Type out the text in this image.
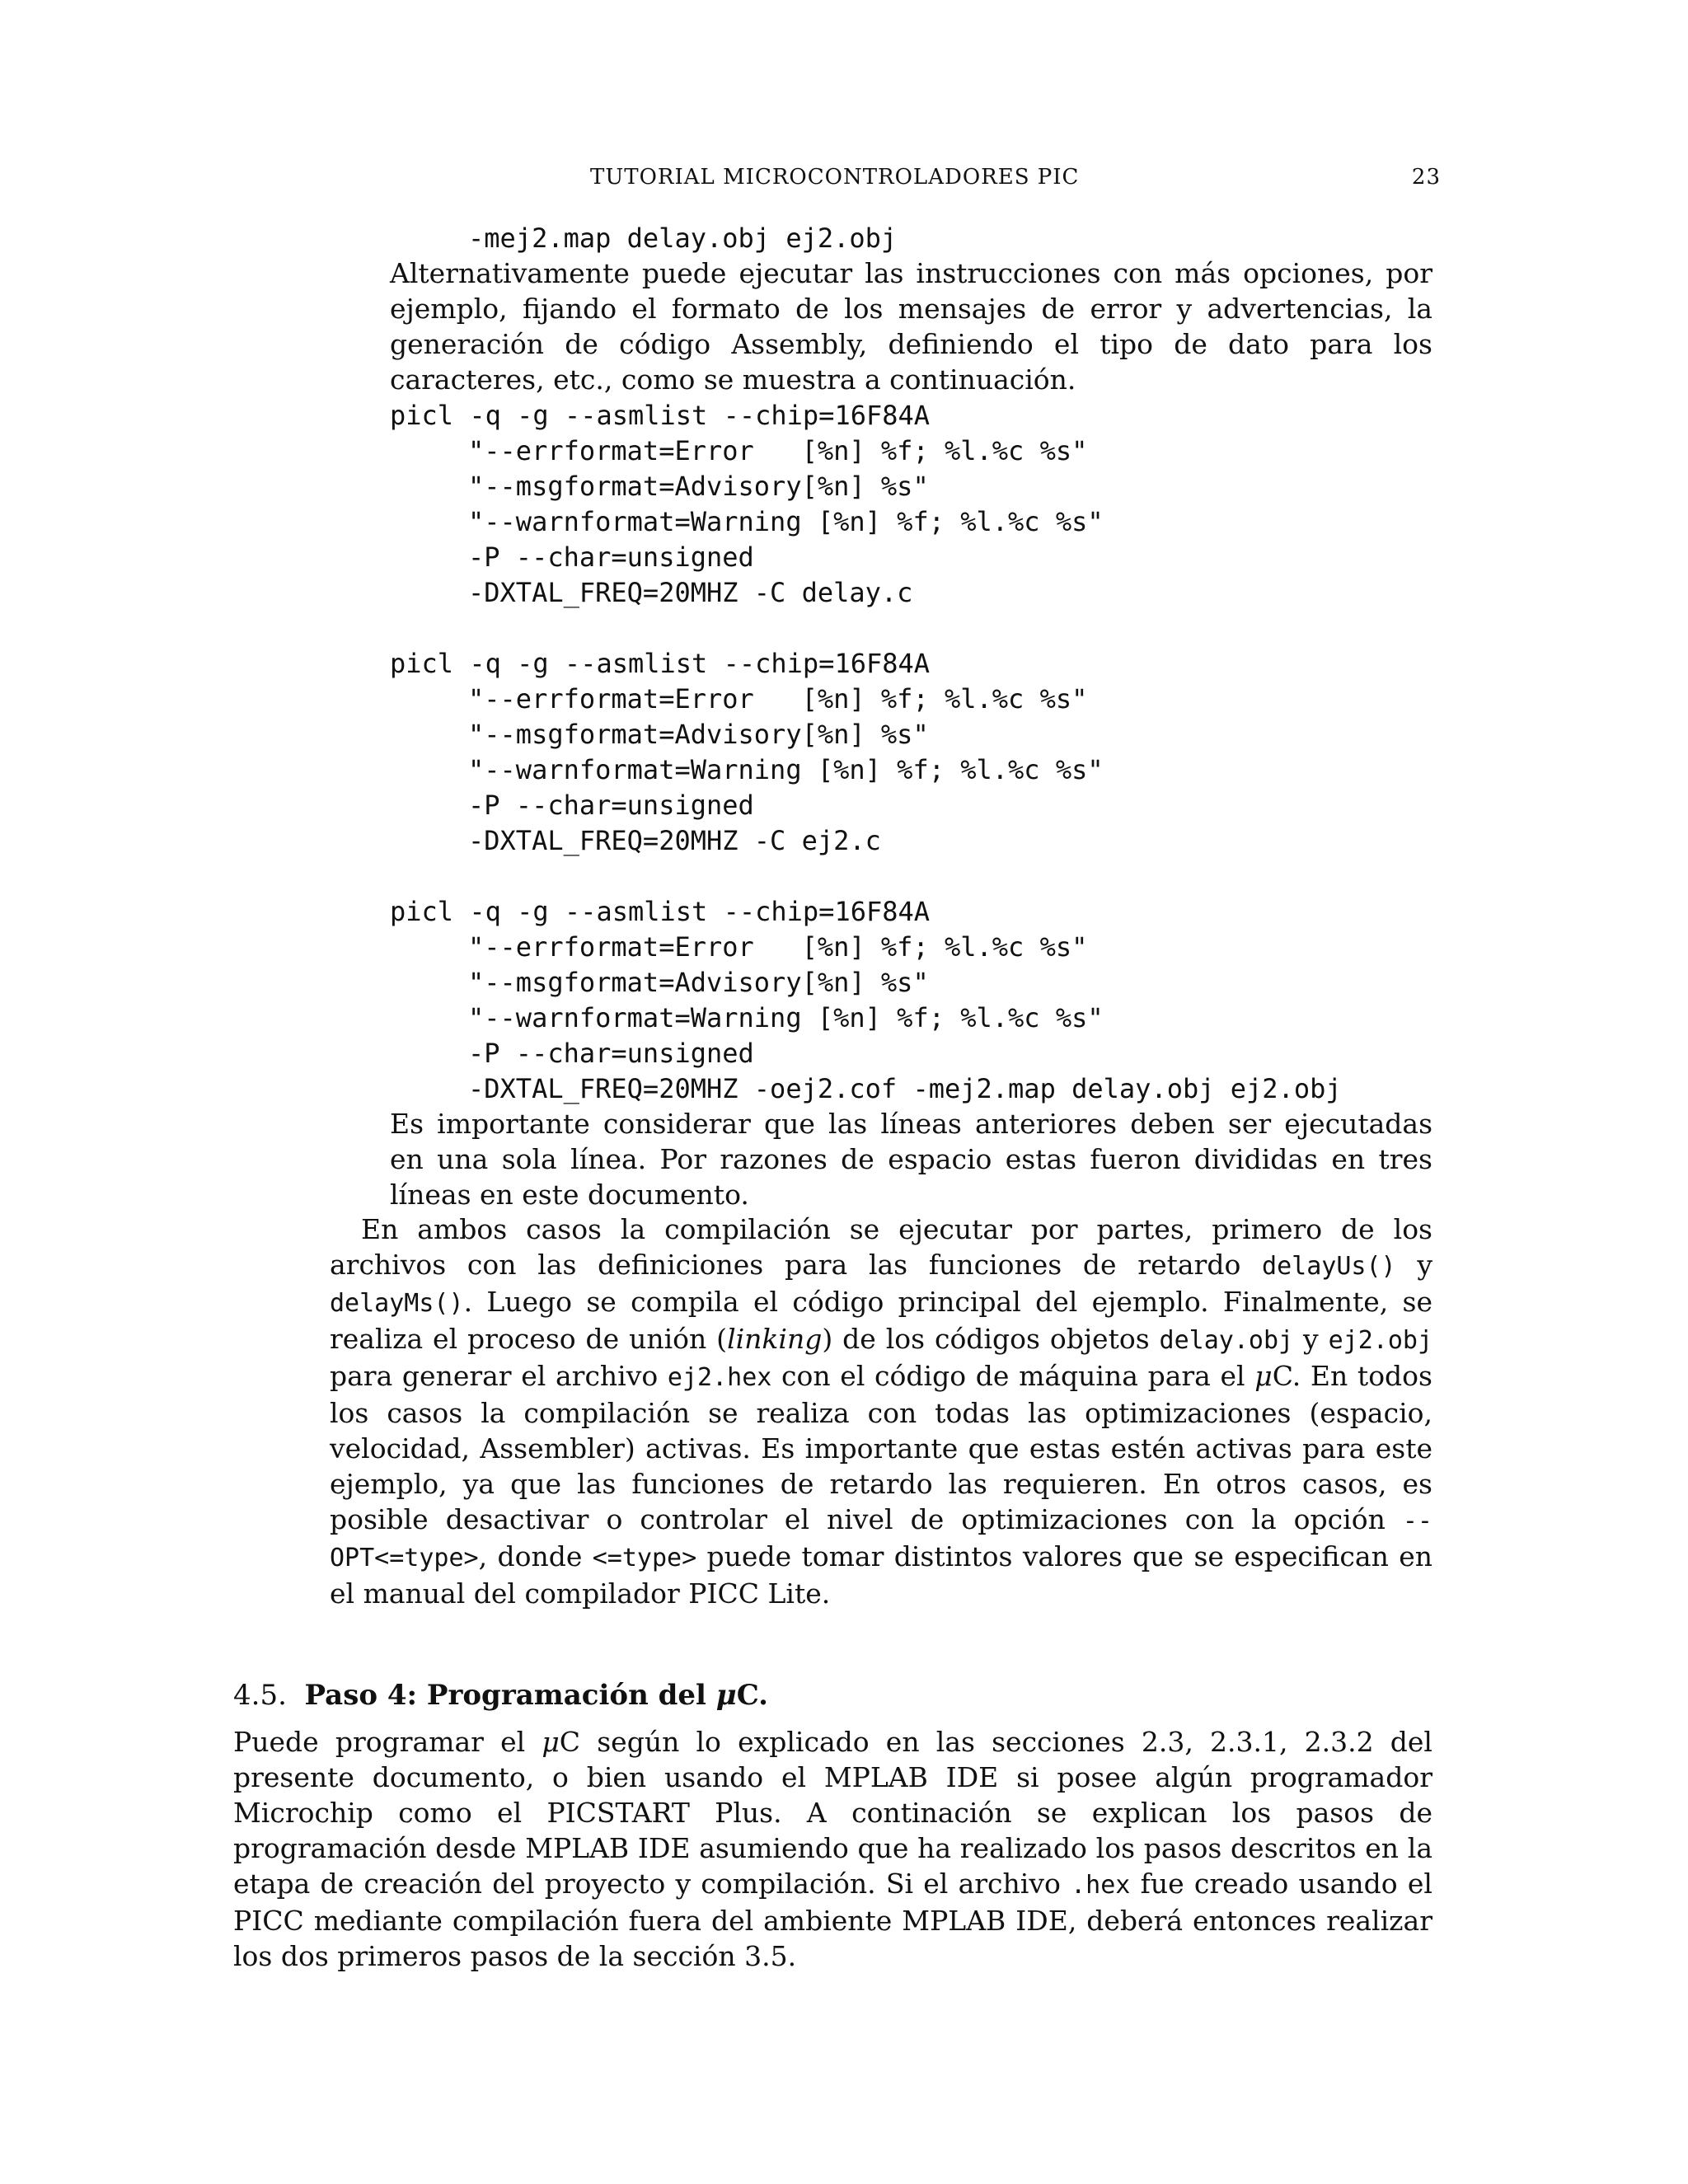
TUTORIAL MICROCONTROLADORES PIC	23
-mej2.map delay.obj ej2.obj
Alternativamente puede ejecutar las instrucciones con más opciones, por ejemplo, fijando el formato de los mensajes de error y advertencias, la generación de código Assembly, definiendo el tipo de dato para los caracteres, etc., como se muestra a continuación.
picl -q -g --asmlist --chip=16F84A
"--errformat=Error   [%n] %f; %l.%c %s"
"--msgformat=Advisory[%n] %s"
"--warnformat=Warning [%n] %f; %l.%c %s"
-P --char=unsigned
-DXTAL_FREQ=20MHZ -C delay.c
picl -q -g --asmlist --chip=16F84A
"--errformat=Error   [%n] %f; %l.%c %s"
"--msgformat=Advisory[%n] %s"
"--warnformat=Warning [%n] %f; %l.%c %s"
-P --char=unsigned
-DXTAL_FREQ=20MHZ -C ej2.c
picl -q -g --asmlist --chip=16F84A
"--errformat=Error   [%n] %f; %l.%c %s"
"--msgformat=Advisory[%n] %s"
"--warnformat=Warning [%n] %f; %l.%c %s"
-P --char=unsigned
-DXTAL_FREQ=20MHZ -oej2.cof -mej2.map delay.obj ej2.obj
Es importante considerar que las líneas anteriores deben ser ejecutadas en una sola línea. Por razones de espacio estas fueron divididas en tres líneas en este documento.
En ambos casos la compilación se ejecutar por partes, primero de los archivos con las definiciones para las funciones de retardo delayUs() y delayMs(). Luego se compila el código principal del ejemplo. Finalmente, se realiza el proceso de unión (linking) de los códigos objetos delay.obj y ej2.obj para generar el archivo ej2.hex con el código de máquina para el μC. En todos los casos la compilación se realiza con todas las optimizaciones (espacio, velocidad, Assembler) activas. Es importante que estas estén activas para este ejemplo, ya que las funciones de retardo las requieren. En otros casos, es posible desactivar o controlar el nivel de optimizaciones con la opción --OPT<=type>, donde <=type> puede tomar distintos valores que se especifican en el manual del compilador PICC Lite.
4.5. Paso 4: Programación del μC.
Puede programar el μC según lo explicado en las secciones 2.3, 2.3.1, 2.3.2 del presente documento, o bien usando el MPLAB IDE si posee algún programador Microchip como el PICSTART Plus. A continación se explican los pasos de programación desde MPLAB IDE asumiendo que ha realizado los pasos descritos en la etapa de creación del proyecto y compilación. Si el archivo .hex fue creado usando el PICC mediante compilación fuera del ambiente MPLAB IDE, deberá entonces realizar los dos primeros pasos de la sección 3.5.
